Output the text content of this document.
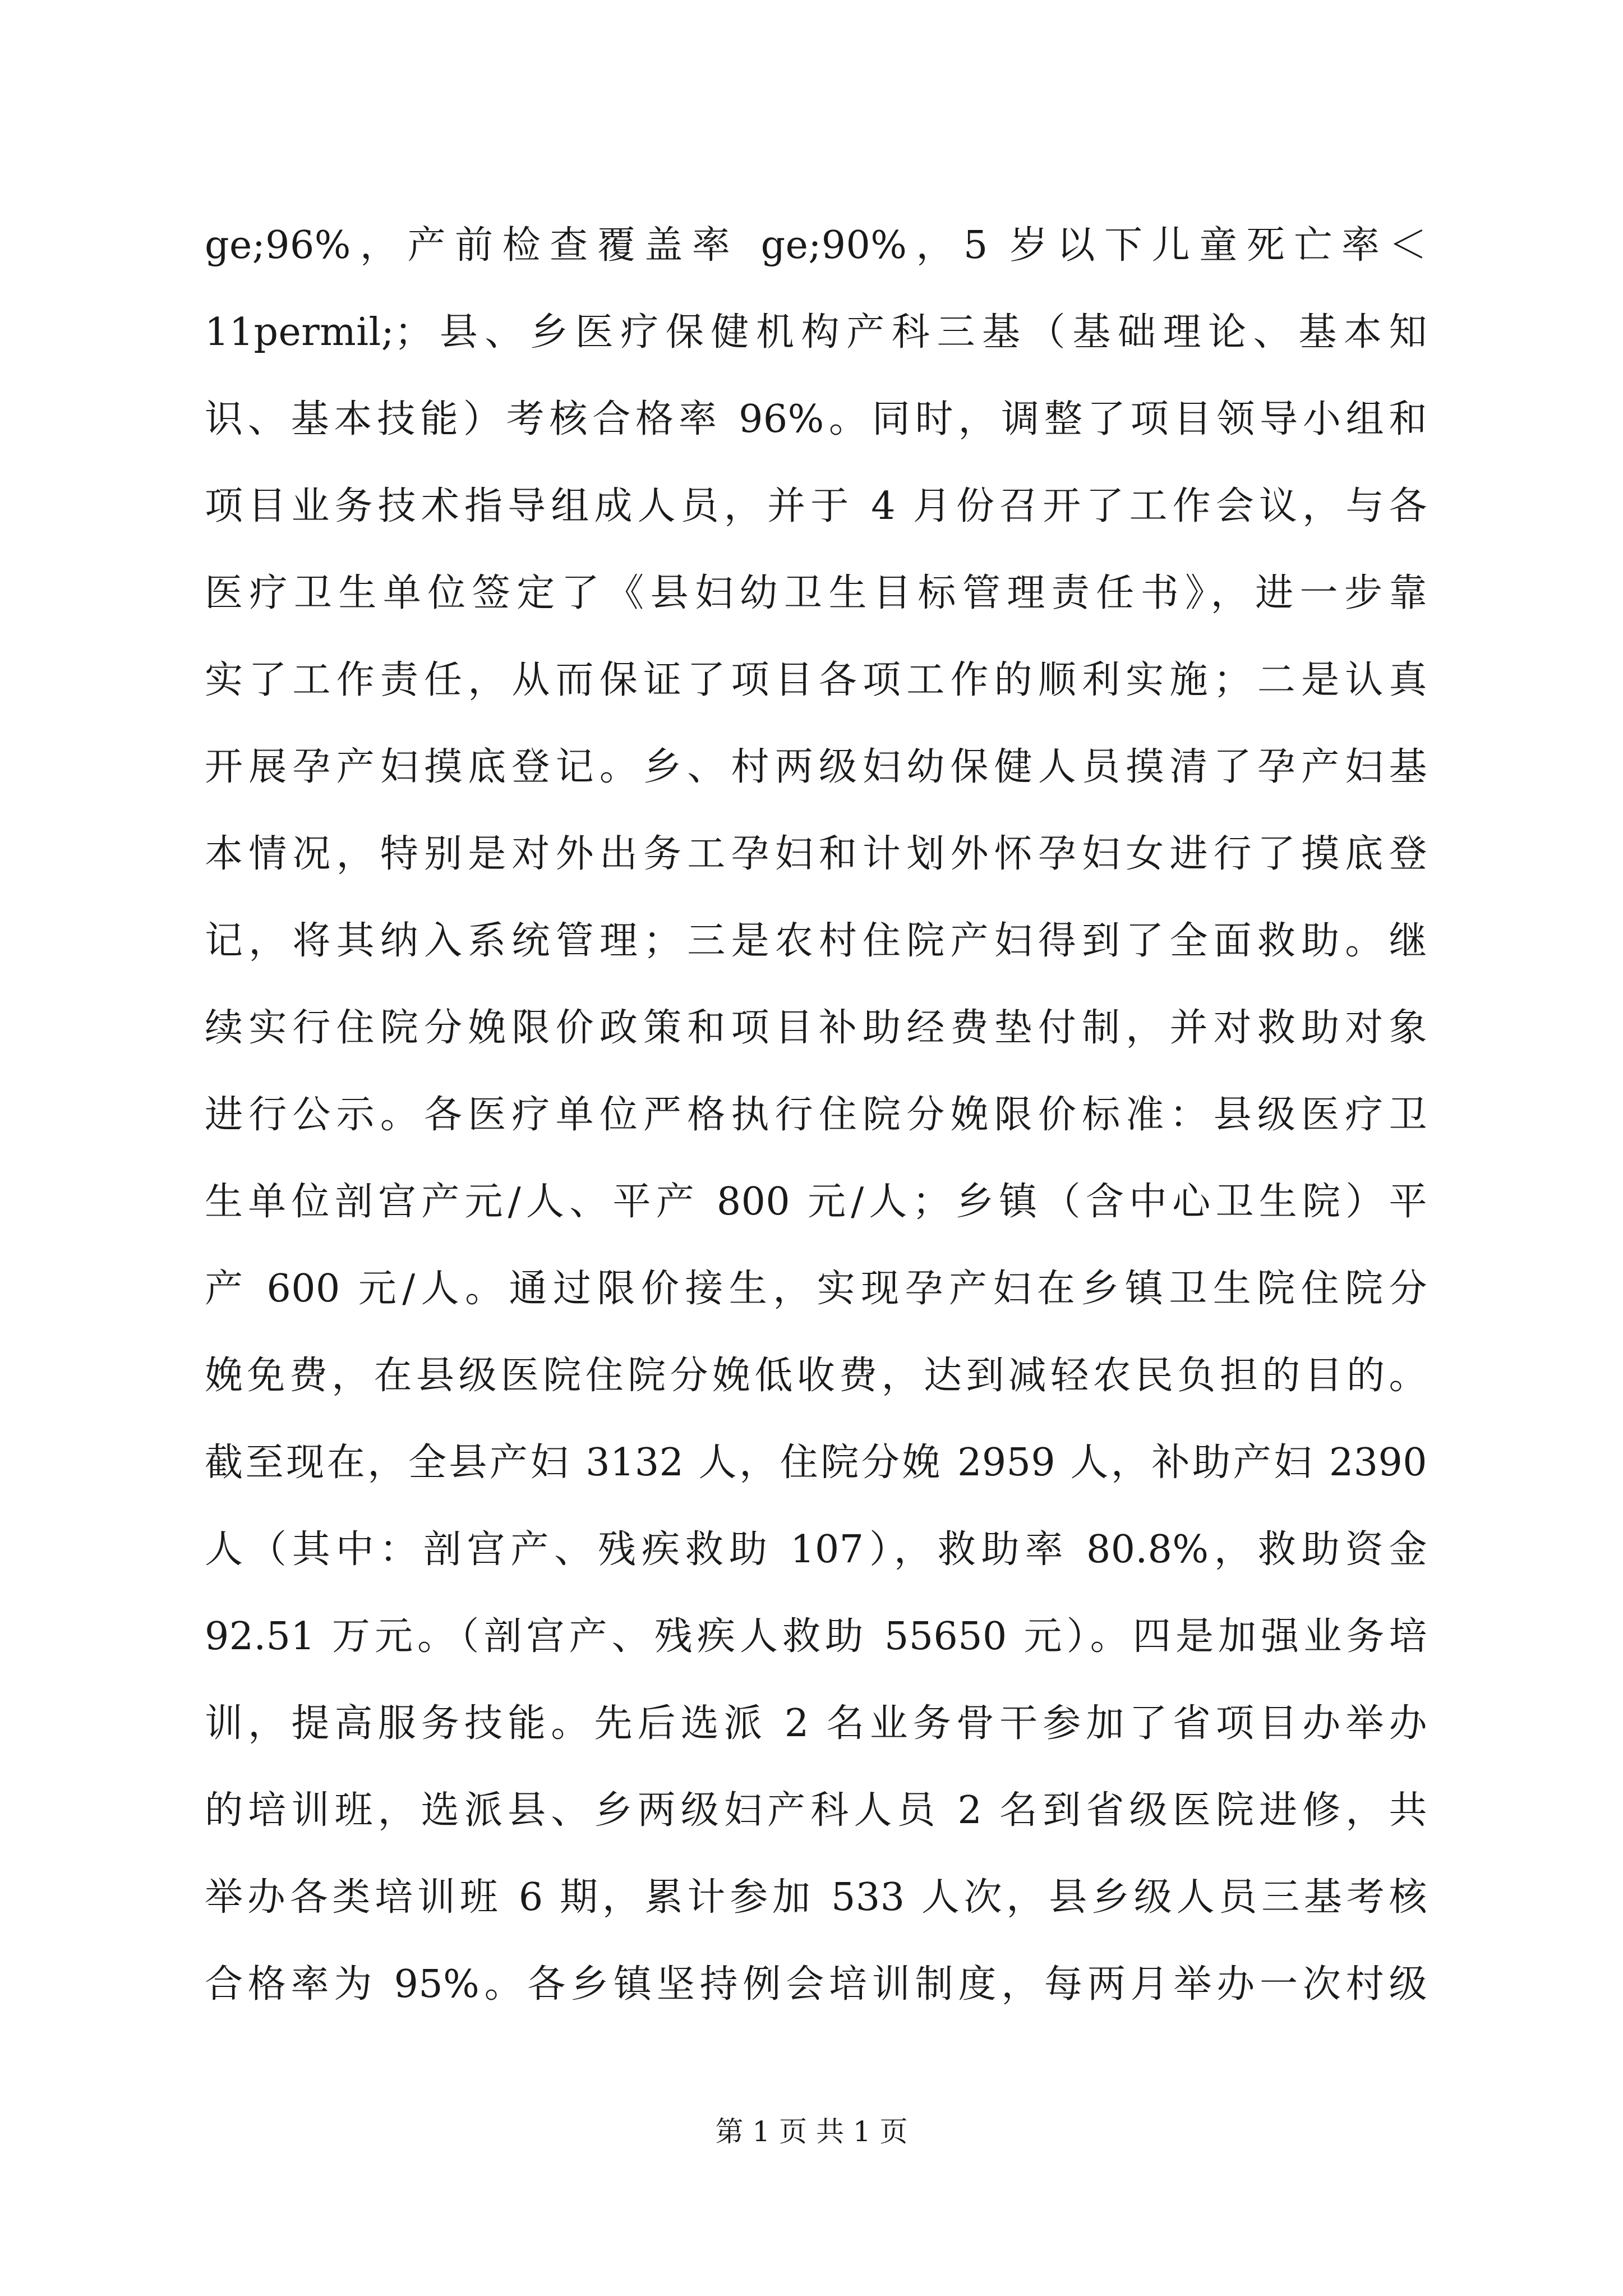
ge;96%，产前检查覆盖率 ge;90%，5 岁以下儿童死亡率＜
11permil;；县、乡医疗保健机构产科三基（基础理论、基本知
识、基本技能）考核合格率 96%。同时，调整了项目领导小组和
项目业务技术指导组成人员，并于 4 月份召开了工作会议，与各
医疗卫生单位签定了《县妇幼卫生目标管理责任书》，进一步靠
实了工作责任，从而保证了项目各项工作的顺利实施；二是认真
开展孕产妇摸底登记。乡、村两级妇幼保健人员摸清了孕产妇基
本情况，特别是对外出务工孕妇和计划外怀孕妇女进行了摸底登
记，将其纳入系统管理；三是农村住院产妇得到了全面救助。继
续实行住院分娩限价政策和项目补助经费垫付制，并对救助对象
进行公示。各医疗单位严格执行住院分娩限价标准：县级医疗卫
生单位剖宫产元/人、平产 800 元/人；乡镇（含中心卫生院）平
产 600 元/人。通过限价接生，实现孕产妇在乡镇卫生院住院分
娩免费，在县级医院住院分娩低收费，达到减轻农民负担的目的。
截至现在，全县产妇 3132 人，住院分娩 2959 人，补助产妇 2390
人（其中：剖宫产、残疾救助 107），救助率 80.8%，救助资金
92.51 万元。（剖宫产、残疾人救助 55650 元）。四是加强业务培
训，提高服务技能。先后选派 2 名业务骨干参加了省项目办举办
的培训班，选派县、乡两级妇产科人员 2 名到省级医院进修，共
举办各类培训班 6 期，累计参加 533 人次，县乡级人员三基考核
合格率为 95%。各乡镇坚持例会培训制度，每两月举办一次村级
第 1 页 共 1 页
